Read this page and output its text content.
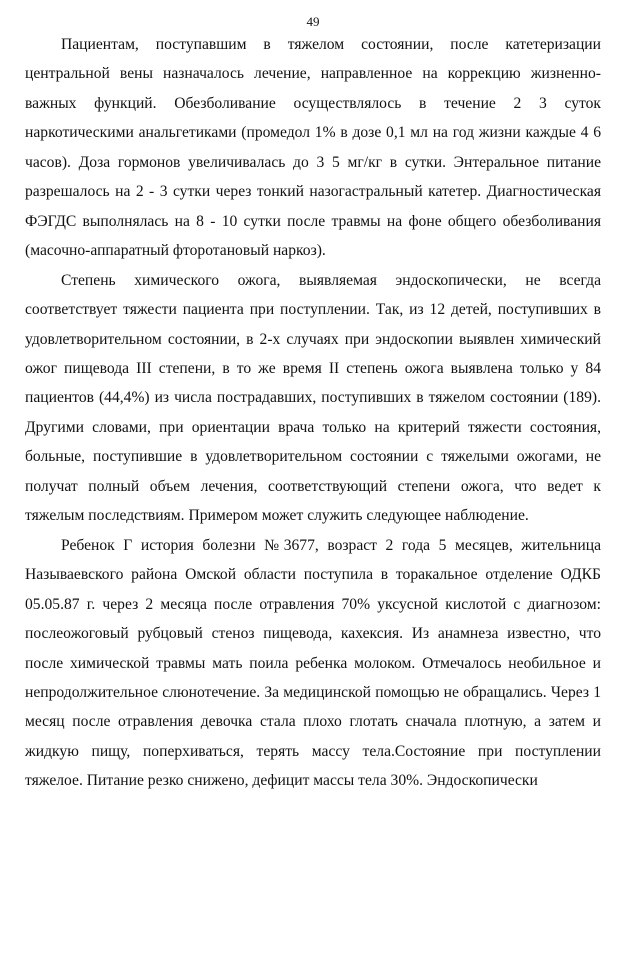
49

Пациентам, поступавшим в тяжелом состоянии, после катетеризации центральной вены назначалось лечение, направленное на коррекцию жизненно-важных функций. Обезболивание осуществлялось в течение 2 3 суток наркотическими анальгетиками (промедол 1% в дозе 0,1 мл на год жизни каждые 4 6 часов). Доза гормонов увеличивалась до 3 5 мг/кг в сутки. Энтеральное питание разрешалось на 2 - 3 сутки через тонкий назогастральный катетер. Диагностическая ФЭГДС выполнялась на 8 - 10 сутки после травмы на фоне общего обезболивания (масочно-аппаратный фторотановый наркоз).

Степень химического ожога, выявляемая эндоскопически, не всегда соответствует тяжести пациента при поступлении. Так, из 12 детей, поступивших в удовлетворительном состоянии, в 2-х случаях при эндоскопии выявлен химический ожог пищевода III степени, в то же время II степень ожога выявлена только у 84 пациентов (44,4%) из числа пострадавших, поступивших в тяжелом состоянии (189). Другими словами, при ориентации врача только на критерий тяжести состояния, больные, поступившие в удовлетворительном состоянии с тяжелыми ожогами, не получат полный объем лечения, соответствующий степени ожога, что ведет к тяжелым последствиям. Примером может служить следующее наблюдение.

Ребенок Г история болезни №3677, возраст 2 года 5 месяцев, жительница Называевского района Омской области поступила в торакальное отделение ОДКБ 05.05.87 г. через 2 месяца после отравления 70% уксусной кислотой с диагнозом: послеожоговый рубцовый стеноз пищевода, кахексия. Из анамнеза известно, что после химической травмы мать поила ребенка молоком. Отмечалось необильное и непродолжительное слюнотечение. За медицинской помощью не обращались. Через 1 месяц после отравления девочка стала плохо глотать сначала плотную, а затем и жидкую пищу, поперхиваться, терять массу тела.Состояние при поступлении тяжелое. Питание резко снижено, дефицит массы тела 30%. Эндоскопически
